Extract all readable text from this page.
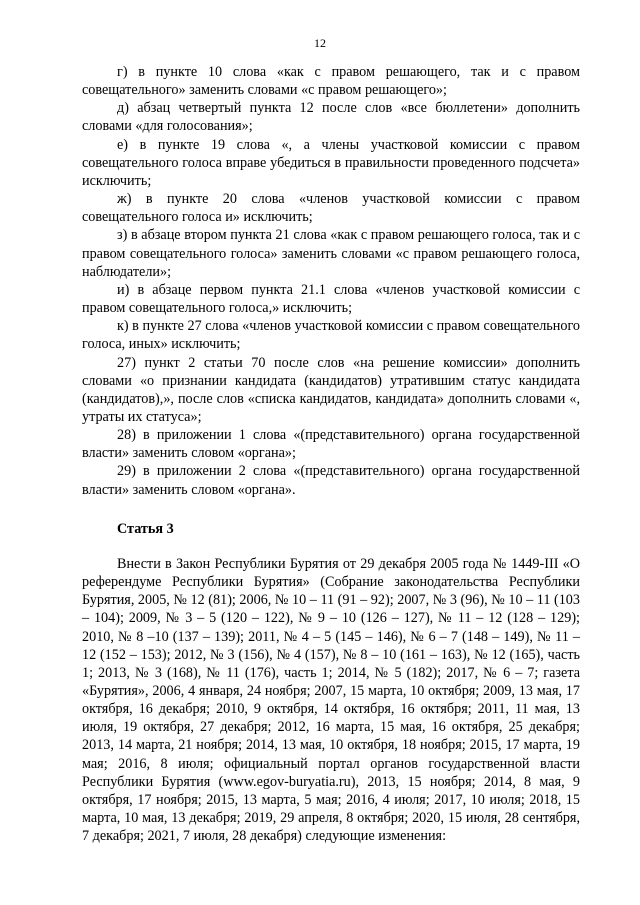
12

г) в пункте 10 слова «как с правом решающего, так и с правом совещательного» заменить словами «с правом решающего»;

д) абзац четвертый пункта 12 после слов «все бюллетени» дополнить словами «для голосования»;

е) в пункте 19 слова «, а члены участковой комиссии с правом совещательного голоса вправе убедиться в правильности проведенного подсчета» исключить;

ж) в пункте 20 слова «членов участковой комиссии с правом совещательного голоса и» исключить;

з) в абзаце втором пункта 21 слова «как с правом решающего голоса, так и с правом совещательного голоса» заменить словами «с правом решающего голоса, наблюдатели»;

и) в абзаце первом пункта 21.1 слова «членов участковой комиссии с правом совещательного голоса,» исключить;

к) в пункте 27 слова «членов участковой комиссии с правом совещательного голоса, иных» исключить;

27) пункт 2 статьи 70 после слов «на решение комиссии» дополнить словами «о признании кандидата (кандидатов) утратившим статус кандидата (кандидатов),», после слов «списка кандидатов, кандидата» дополнить словами «, утраты их статуса»;

28) в приложении 1 слова «(представительного) органа государственной власти» заменить словом «органа»;

29) в приложении 2 слова «(представительного) органа государственной власти» заменить словом «органа».

Статья 3

Внести в Закон Республики Бурятия от 29 декабря 2005 года № 1449-III «О референдуме Республики Бурятия» (Собрание законодательства Республики Бурятия, 2005, № 12 (81); 2006, № 10 – 11 (91 – 92); 2007, № 3 (96), № 10 – 11 (103 – 104); 2009, № 3 – 5 (120 – 122), № 9 – 10 (126 – 127), № 11 – 12 (128 – 129); 2010, № 8 –10 (137 – 139); 2011, № 4 – 5 (145 – 146), № 6 – 7 (148 – 149), № 11 – 12 (152 – 153); 2012, № 3 (156), № 4 (157), № 8 – 10 (161 – 163), № 12 (165), часть 1; 2013, № 3 (168), № 11 (176), часть 1; 2014, № 5 (182); 2017, № 6 – 7; газета «Бурятия», 2006, 4 января, 24 ноября; 2007, 15 марта, 10 октября; 2009, 13 мая, 17 октября, 16 декабря; 2010, 9 октября, 14 октября, 16 октября; 2011, 11 мая, 13 июля, 19 октября, 27 декабря; 2012, 16 марта, 15 мая, 16 октября, 25 декабря; 2013, 14 марта, 21 ноября; 2014, 13 мая, 10 октября, 18 ноября; 2015, 17 марта, 19 мая; 2016, 8 июля; официальный портал органов государственной власти Республики Бурятия (www.egov-buryatia.ru), 2013, 15 ноября; 2014, 8 мая, 9 октября, 17 ноября; 2015, 13 марта, 5 мая; 2016, 4 июля; 2017, 10 июля; 2018, 15 марта, 10 мая, 13 декабря; 2019, 29 апреля, 8 октября; 2020, 15 июля, 28 сентября, 7 декабря; 2021, 7 июля, 28 декабря) следующие изменения:
